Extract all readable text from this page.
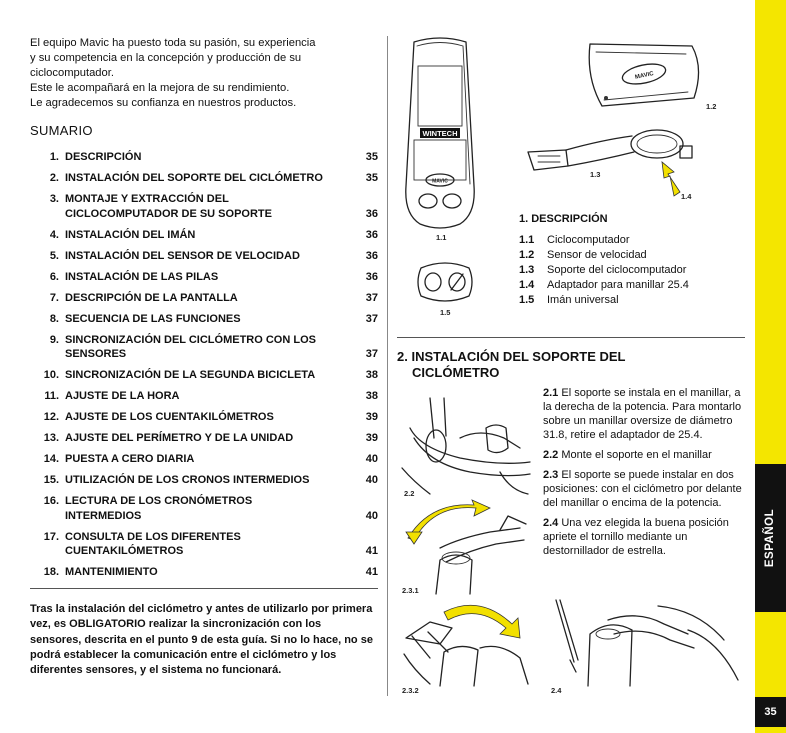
El equipo Mavic ha puesto toda su pasión, su experiencia

y su competencia en la concepción y producción de su

ciclocomputador.

Este le acompañará en la mejora de su rendimiento.

Le agradecemos su confianza en nuestros productos.

SUMARIO
1. DESCRIPCIÓN	35
2. INSTALACIÓN DEL SOPORTE DEL CICLÓMETRO	35
3. MONTAJE Y EXTRACCIÓN DEL CICLOCOMPUTADOR DE SU SOPORTE	36
4. INSTALACIÓN DEL IMÁN	36
5. INSTALACIÓN DEL SENSOR DE VELOCIDAD	36
6. INSTALACIÓN DE LAS PILAS	36
7. DESCRIPCIÓN DE LA PANTALLA	37
8. SECUENCIA DE LAS FUNCIONES	37
9. SINCRONIZACIÓN DEL CICLÓMETRO CON LOS SENSORES	37
10. SINCRONIZACIÓN DE LA SEGUNDA BICICLETA	38
11. AJUSTE DE LA HORA	38
12. AJUSTE DE LOS CUENTAKILÓMETROS	39
13. AJUSTE DEL PERÍMETRO Y DE LA UNIDAD	39
14. PUESTA A CERO DIARIA	40
15. UTILIZACIÓN DE LOS CRONOS INTERMEDIOS	40
16. LECTURA DE LOS CRONÓMETROS INTERMEDIOS	40
17. CONSULTA DE LOS DIFERENTES CUENTAKILÓMETROS	41
18. MANTENIMIENTO	41
Tras la instalación del ciclómetro y antes de utilizarlo por primera vez, es OBLIGATORIO realizar la sincronización con los sensores, descrita en el punto 9 de esta guía. Si no lo hace, no se podrá establecer la comunicación entre el ciclómetro y los diferentes sensores, y el sistema no funcionará.
WINTECH
MAVIC
1.1
1.5
MAVIC
1.2
1.3
1.4
1. DESCRIPCIÓN
1.1	Ciclocomputador
1.2	Sensor de velocidad
1.3	Soporte del ciclocomputador
1.4	Adaptador para manillar 25.4
1.5	Imán universal
2. INSTALACIÓN DEL SOPORTE DEL
CICLÓMETRO

2.1 El soporte se instala en el manillar, a la derecha de la potencia. Para montarlo sobre un manillar oversize de diámetro 31.8, retire el adaptador de 25.4.

2.2 Monte el soporte en el manillar

2.3 El soporte se puede instalar en dos posiciones: con el ciclómetro por delante del manillar o encima de la potencia.

2.4 Una vez elegida la buena posición apriete el tornillo mediante un destornillador de estrella.

2.2
2.3.1
2.3.2	2.4
ESPAÑOL
35
